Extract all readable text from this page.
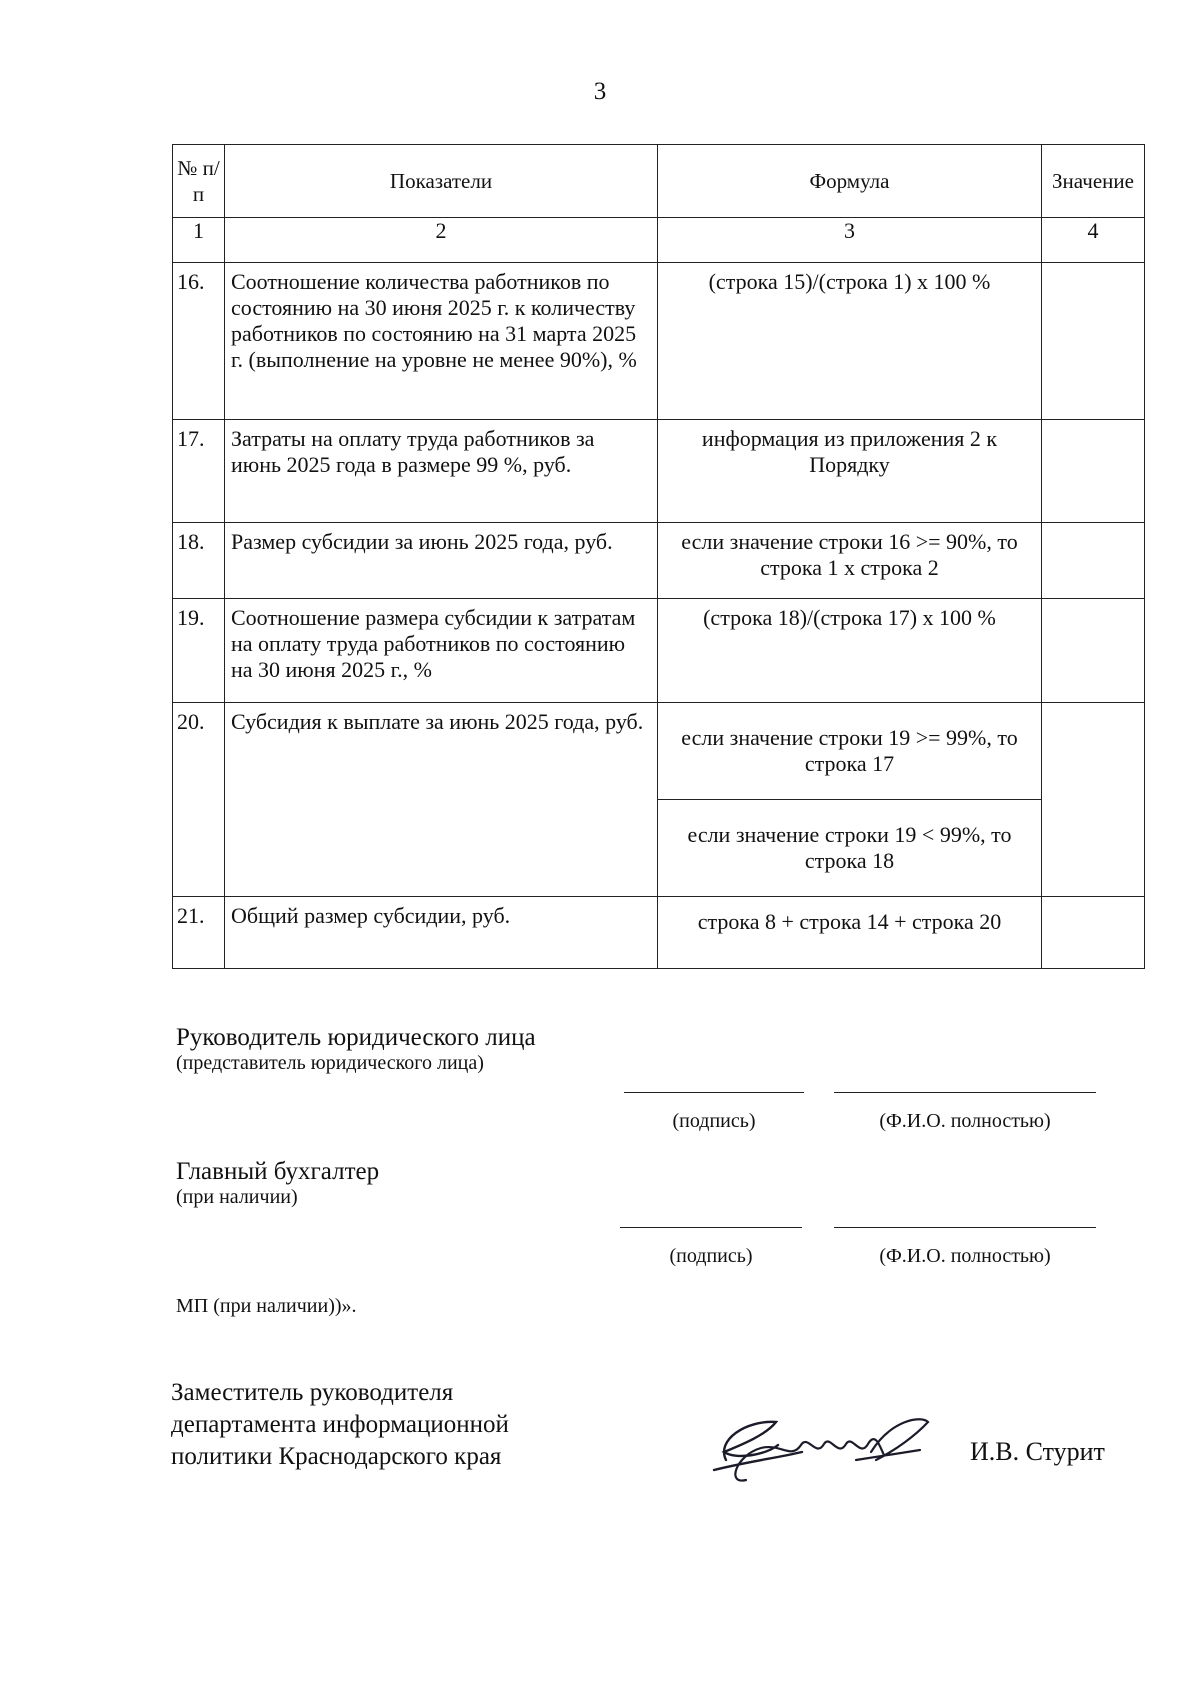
3
№ п/п	Показатели	Формула	Значение
1	2	3	4
16.	Соотношение количества работников по состоянию на 30 июня 2025 г. к количеству работников по состоянию на 31 марта 2025 г. (выполнение на уровне не менее 90%), %	(строка 15)/(строка 1) х 100 %	
17.	Затраты на оплату труда работников за июнь 2025 года в размере 99 %, руб.	информация из приложения 2 к Порядку	
18.	Размер субсидии за июнь 2025 года, руб.	если значение строки 16 >= 90%, то строка 1 х строка 2	
19.	Соотношение размера субсидии к затратам на оплату труда работников по состоянию на 30 июня 2025 г., %	(строка 18)/(строка 17) х 100 %	
20.	Субсидия к выплате за июнь 2025 года, руб.	если значение строки 19 >= 99%, то строка 17	
		если значение строки 19 < 99%, то строка 18	
21.	Общий размер субсидии, руб.	строка 8 + строка 14 + строка 20	
Руководитель юридического лица
(представитель юридического лица)
(подпись)	(Ф.И.О. полностью)
Главный бухгалтер
(при наличии)
(подпись)	(Ф.И.О. полностью)
МП (при наличии))».
Заместитель руководителя
департамента информационной
политики Краснодарского края	И.В. Стурит
